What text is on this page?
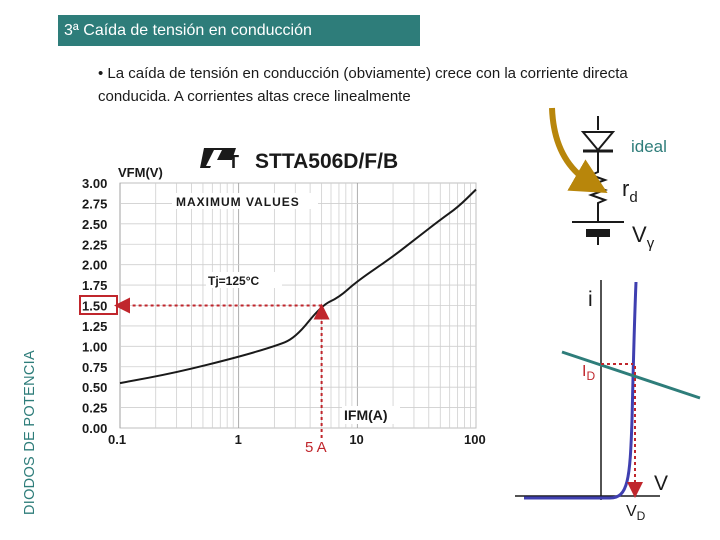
3ª Caída de tensión en conducción
DIODOS DE POTENCIA
• La caída de tensión en conducción (obviamente) crece con la corriente directa conducida. A corrientes altas crece linealmente
T STTA506D/F/B
VFM(V)
3.00
2.75
2.50
2.25
2.00
1.75
1.50
1.25
1.00
0.75
0.50
0.25
0.00
0.1	1	10	100
MAXIMUM VALUES
Tj=125°C
IFM(A)
5 A
ideal
$r_d$
$V_\gamma$
i
V
$I_D$
$V_D$
